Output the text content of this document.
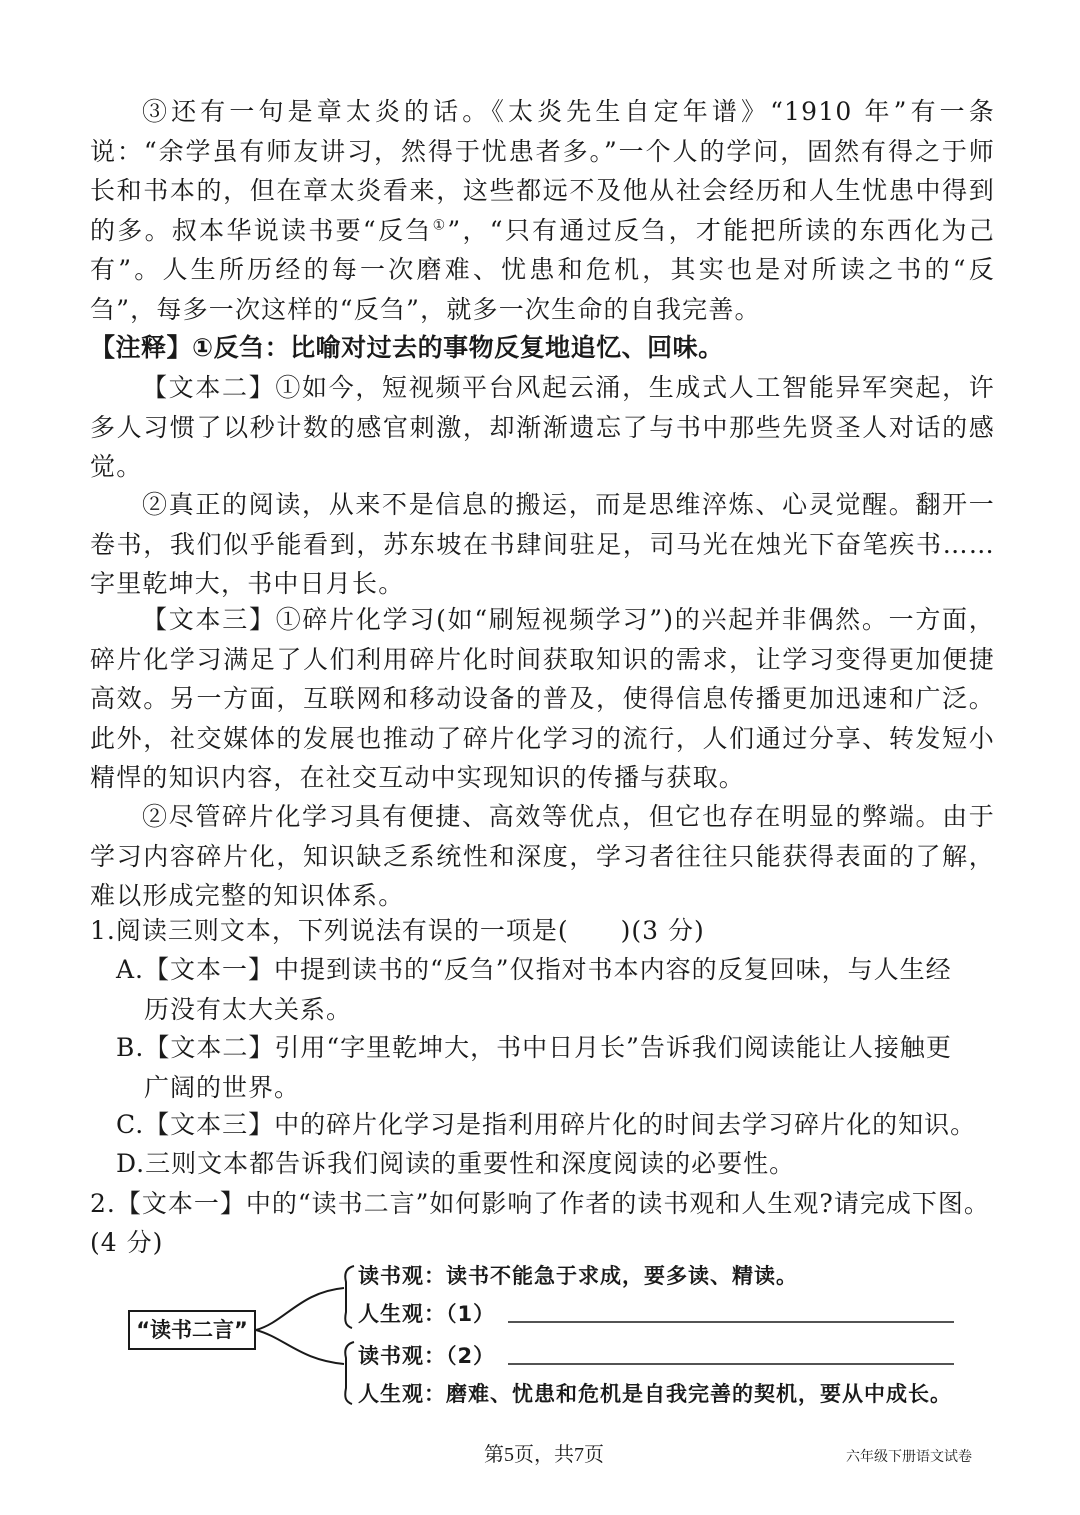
③还有一句是章太炎的话。《太炎先生自定年谱》“1910 年”有一条说：“余学虽有师友讲习，然得于忧患者多。”一个人的学问，固然有得之于师长和书本的，但在章太炎看来，这些都远不及他从社会经历和人生忧患中得到的多。叔本华说读书要“反刍①”，“只有通过反刍，才能把所读的东西化为己有”。人生所历经的每一次磨难、忧患和危机，其实也是对所读之书的“反刍”，每多一次这样的“反刍”，就多一次生命的自我完善。

【注释】①反刍：比喻对过去的事物反复地追忆、回味。

【文本二】①如今，短视频平台风起云涌，生成式人工智能异军突起，许多人习惯了以秒计数的感官刺激，却渐渐遗忘了与书中那些先贤圣人对话的感觉。

②真正的阅读，从来不是信息的搬运，而是思维淬炼、心灵觉醒。翻开一卷书，我们似乎能看到，苏东坡在书肆间驻足，司马光在烛光下奋笔疾书……字里乾坤大，书中日月长。

【文本三】①碎片化学习(如“刷短视频学习”)的兴起并非偶然。一方面，碎片化学习满足了人们利用碎片化时间获取知识的需求，让学习变得更加便捷高效。另一方面，互联网和移动设备的普及，使得信息传播更加迅速和广泛。此外，社交媒体的发展也推动了碎片化学习的流行，人们通过分享、转发短小精悍的知识内容，在社交互动中实现知识的传播与获取。

②尽管碎片化学习具有便捷、高效等优点，但它也存在明显的弊端。由于学习内容碎片化，知识缺乏系统性和深度，学习者往往只能获得表面的了解，难以形成完整的知识体系。

1.阅读三则文本，下列说法有误的一项是(　　)(3 分)
A.【文本一】中提到读书的“反刍”仅指对书本内容的反复回味，与人生经
历没有太大关系。
B.【文本二】引用“字里乾坤大，书中日月长”告诉我们阅读能让人接触更
广阔的世界。
C.【文本三】中的碎片化学习是指利用碎片化的时间去学习碎片化的知识。
D.三则文本都告诉我们阅读的重要性和深度阅读的必要性。
2.【文本一】中的“读书二言”如何影响了作者的读书观和人生观?请完成下图。(4 分)
“读书二言”
读书观：读书不能急于求成，要多读、精读。
人生观：（1）
读书观：（2）
人生观：磨难、忧患和危机是自我完善的契机，要从中成长。
第5页，共7页	六年级下册语文试卷
